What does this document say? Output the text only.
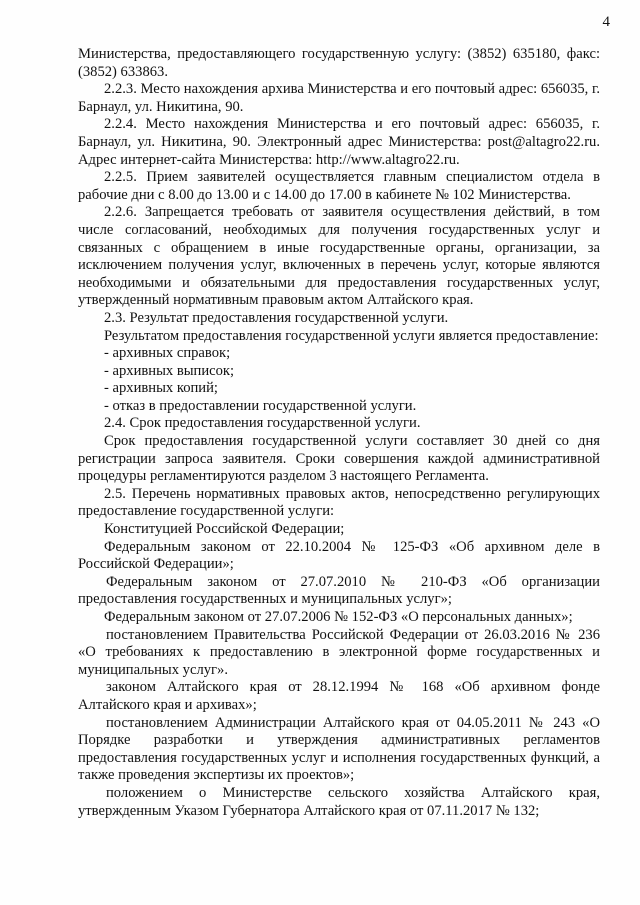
4

Министерства, предоставляющего государственную услугу: (3852) 635180, факс: (3852) 633863.

2.2.3. Место нахождения архива Министерства и его почтовый адрес: 656035, г. Барнаул, ул. Никитина, 90.

2.2.4. Место нахождения Министерства и его почтовый адрес: 656035, г. Барнаул, ул. Никитина, 90. Электронный адрес Министерства: post@altagro22.ru. Адрес интернет-сайта Министерства: http://www.altagro22.ru.

2.2.5. Прием заявителей осуществляется главным специалистом отдела в рабочие дни с 8.00 до 13.00 и с 14.00 до 17.00 в кабинете № 102 Министерства.

2.2.6. Запрещается требовать от заявителя осуществления действий, в том числе согласований, необходимых для получения государственных услуг и связанных с обращением в иные государственные органы, организации, за исключением получения услуг, включенных в перечень услуг, которые являются необходимыми и обязательными для предоставления государственных услуг, утвержденный нормативным правовым актом Алтайского края.

2.3. Результат предоставления государственной услуги.

Результатом предоставления государственной услуги является предоставление:

- архивных справок;

- архивных выписок;

- архивных копий;

- отказ в предоставлении государственной услуги.

2.4. Срок предоставления государственной услуги.

Срок предоставления государственной услуги составляет 30 дней со дня регистрации запроса заявителя. Сроки совершения каждой административной процедуры регламентируются разделом 3 настоящего Регламента.

2.5. Перечень нормативных правовых актов, непосредственно регулирующих предоставление государственной услуги:

Конституцией Российской Федерации;

Федеральным законом от 22.10.2004 № 125-ФЗ «Об архивном деле в Российской Федерации»;

Федеральным законом от 27.07.2010 № 210-ФЗ «Об организации предоставления государственных и муниципальных услуг»;

Федеральным законом от 27.07.2006 № 152-ФЗ «О персональных данных»;

постановлением Правительства Российской Федерации от 26.03.2016 № 236 «О требованиях к предоставлению в электронной форме государственных и муниципальных услуг».

законом Алтайского края от 28.12.1994 № 168 «Об архивном фонде Алтайского края и архивах»;

постановлением Администрации Алтайского края от 04.05.2011 № 243 «О Порядке разработки и утверждения административных регламентов предоставления государственных услуг и исполнения государственных функций, а также проведения экспертизы их проектов»;

положением о Министерстве сельского хозяйства Алтайского края, утвержденным Указом Губернатора Алтайского края от 07.11.2017 № 132;
